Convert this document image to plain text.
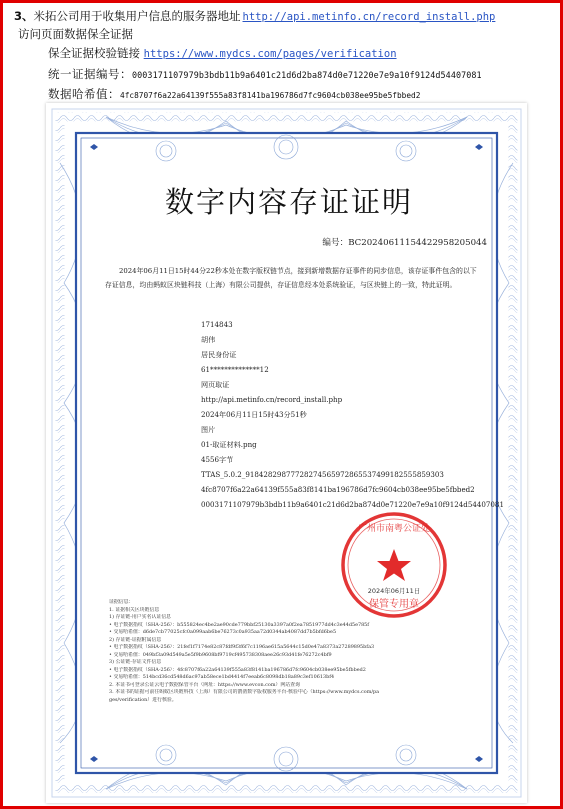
3、米拓公司用于收集用户信息的服务器地址 http://api.metinfo.cn/record_install.php
访问页面数据保全证据
保全证据校验链接 https://www.mydcs.com/pages/verification
统一证据编号：0003171107979b3bdb11b9a6401c21d6d2ba874d0e71220e7e9a10f9124d54407081
数据哈希值：4fc8707f6a22a64139f555a83f8141ba196786d7fc9604cb038ee95be5fbbed2
数字内容存证证明
编号：BC20240611154422958205044
2024年06月11日15时44分22秒本处在数字版权链节点，接到新增数据存证事件的同步信息，该存证事件包含的以下存证信息，均由蚂蚁区块链科技（上海）有限公司提供，存证信息经本处系统验证，与区块链上的一致，特此证明。
1714843
胡伟
居民身份证
61**************12
网页取证
http://api.metinfo.cn/record_install.php
2024年06月11日15时43分51秒
图片
01-取证材料.png
4556字节
TTAS_5.0.2_9184282987772827456597286553749918255585930З
4fc8707f6a22a64139f555a83f8141ba196786d7fc9604cb038ee95be5fbbed2
0003171107979b3bdb11b9a6401c21d6d2ba874d0e71220e7e9a10f9124d54407081
广州市南粤公证处
2024年06月11日
保管专用章
证据信息：
1. 证据相关区块链信息
1) 存证链-用户实名认证信息
• 电子数据指纹（SHA-256）：b555824ec4be2ae90cde779bbf25130a3397a0f2ea7851977dd4c3e44d5e785f
• 交易哈希值：d6de7cb77025cfc0a099aab6be76273c0a935aa72d0344ab4087dd7b5bfd6be5
2) 存证链-证据附属信息
• 电子数据指纹（SHA-256）：21fef1f7174e82c87fdf9f3f6f7c1196ae615a5644c15d0e47a8373a27289895bfa3
• 交易哈希值：049bf3a09d549a5e5f9b9608bf9719cf495738308aee26c93d41fe76272c4bf9
3) 公证链-存证文件信息
• 电子数据指纹（SHA-256）：4fc8707f6a22a64139f555a83f8141ba196786d7fc9604cb038ee95be5fbbed2
• 交易哈希值：514bcd36cd548d6ac97ab58ece1bd4414f7eeab6c8098db18a89c3ef10613bf4
2. 本证书可登录公证云电子数据保管平台（网址：https://www.evcon.com）网站查询
3. 本证书的证据可前往蚂蚁区块链科技（上海）有限公司的鹊凿数字版权服务平台-核验中心（https://www.mydcs.com/pa
ges/verification）进行核验。
